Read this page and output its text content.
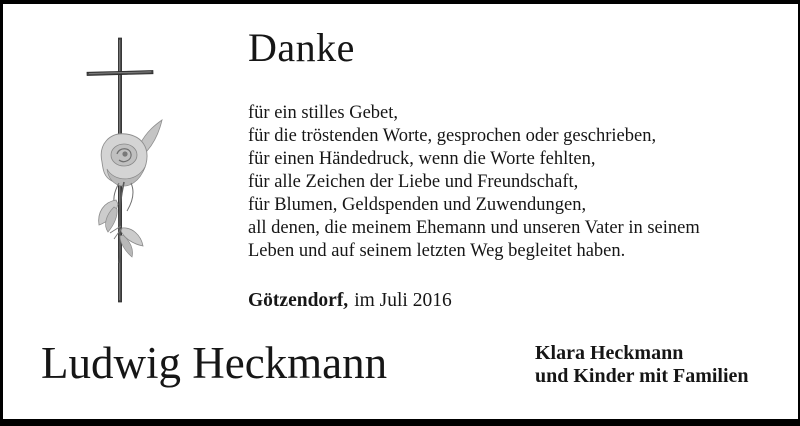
Danke
für ein stilles Gebet,
für die tröstenden Worte, gesprochen oder geschrieben,
für einen Händedruck, wenn die Worte fehlten,
für alle Zeichen der Liebe und Freundschaft,
für Blumen, Geldspenden und Zuwendungen,
all denen, die meinem Ehemann und unseren Vater in seinem
Leben und auf seinem letzten Weg begleitet haben.
Götzendorf, im Juli 2016
Ludwig Heckmann	Klara Heckmann
und Kinder mit Familien
